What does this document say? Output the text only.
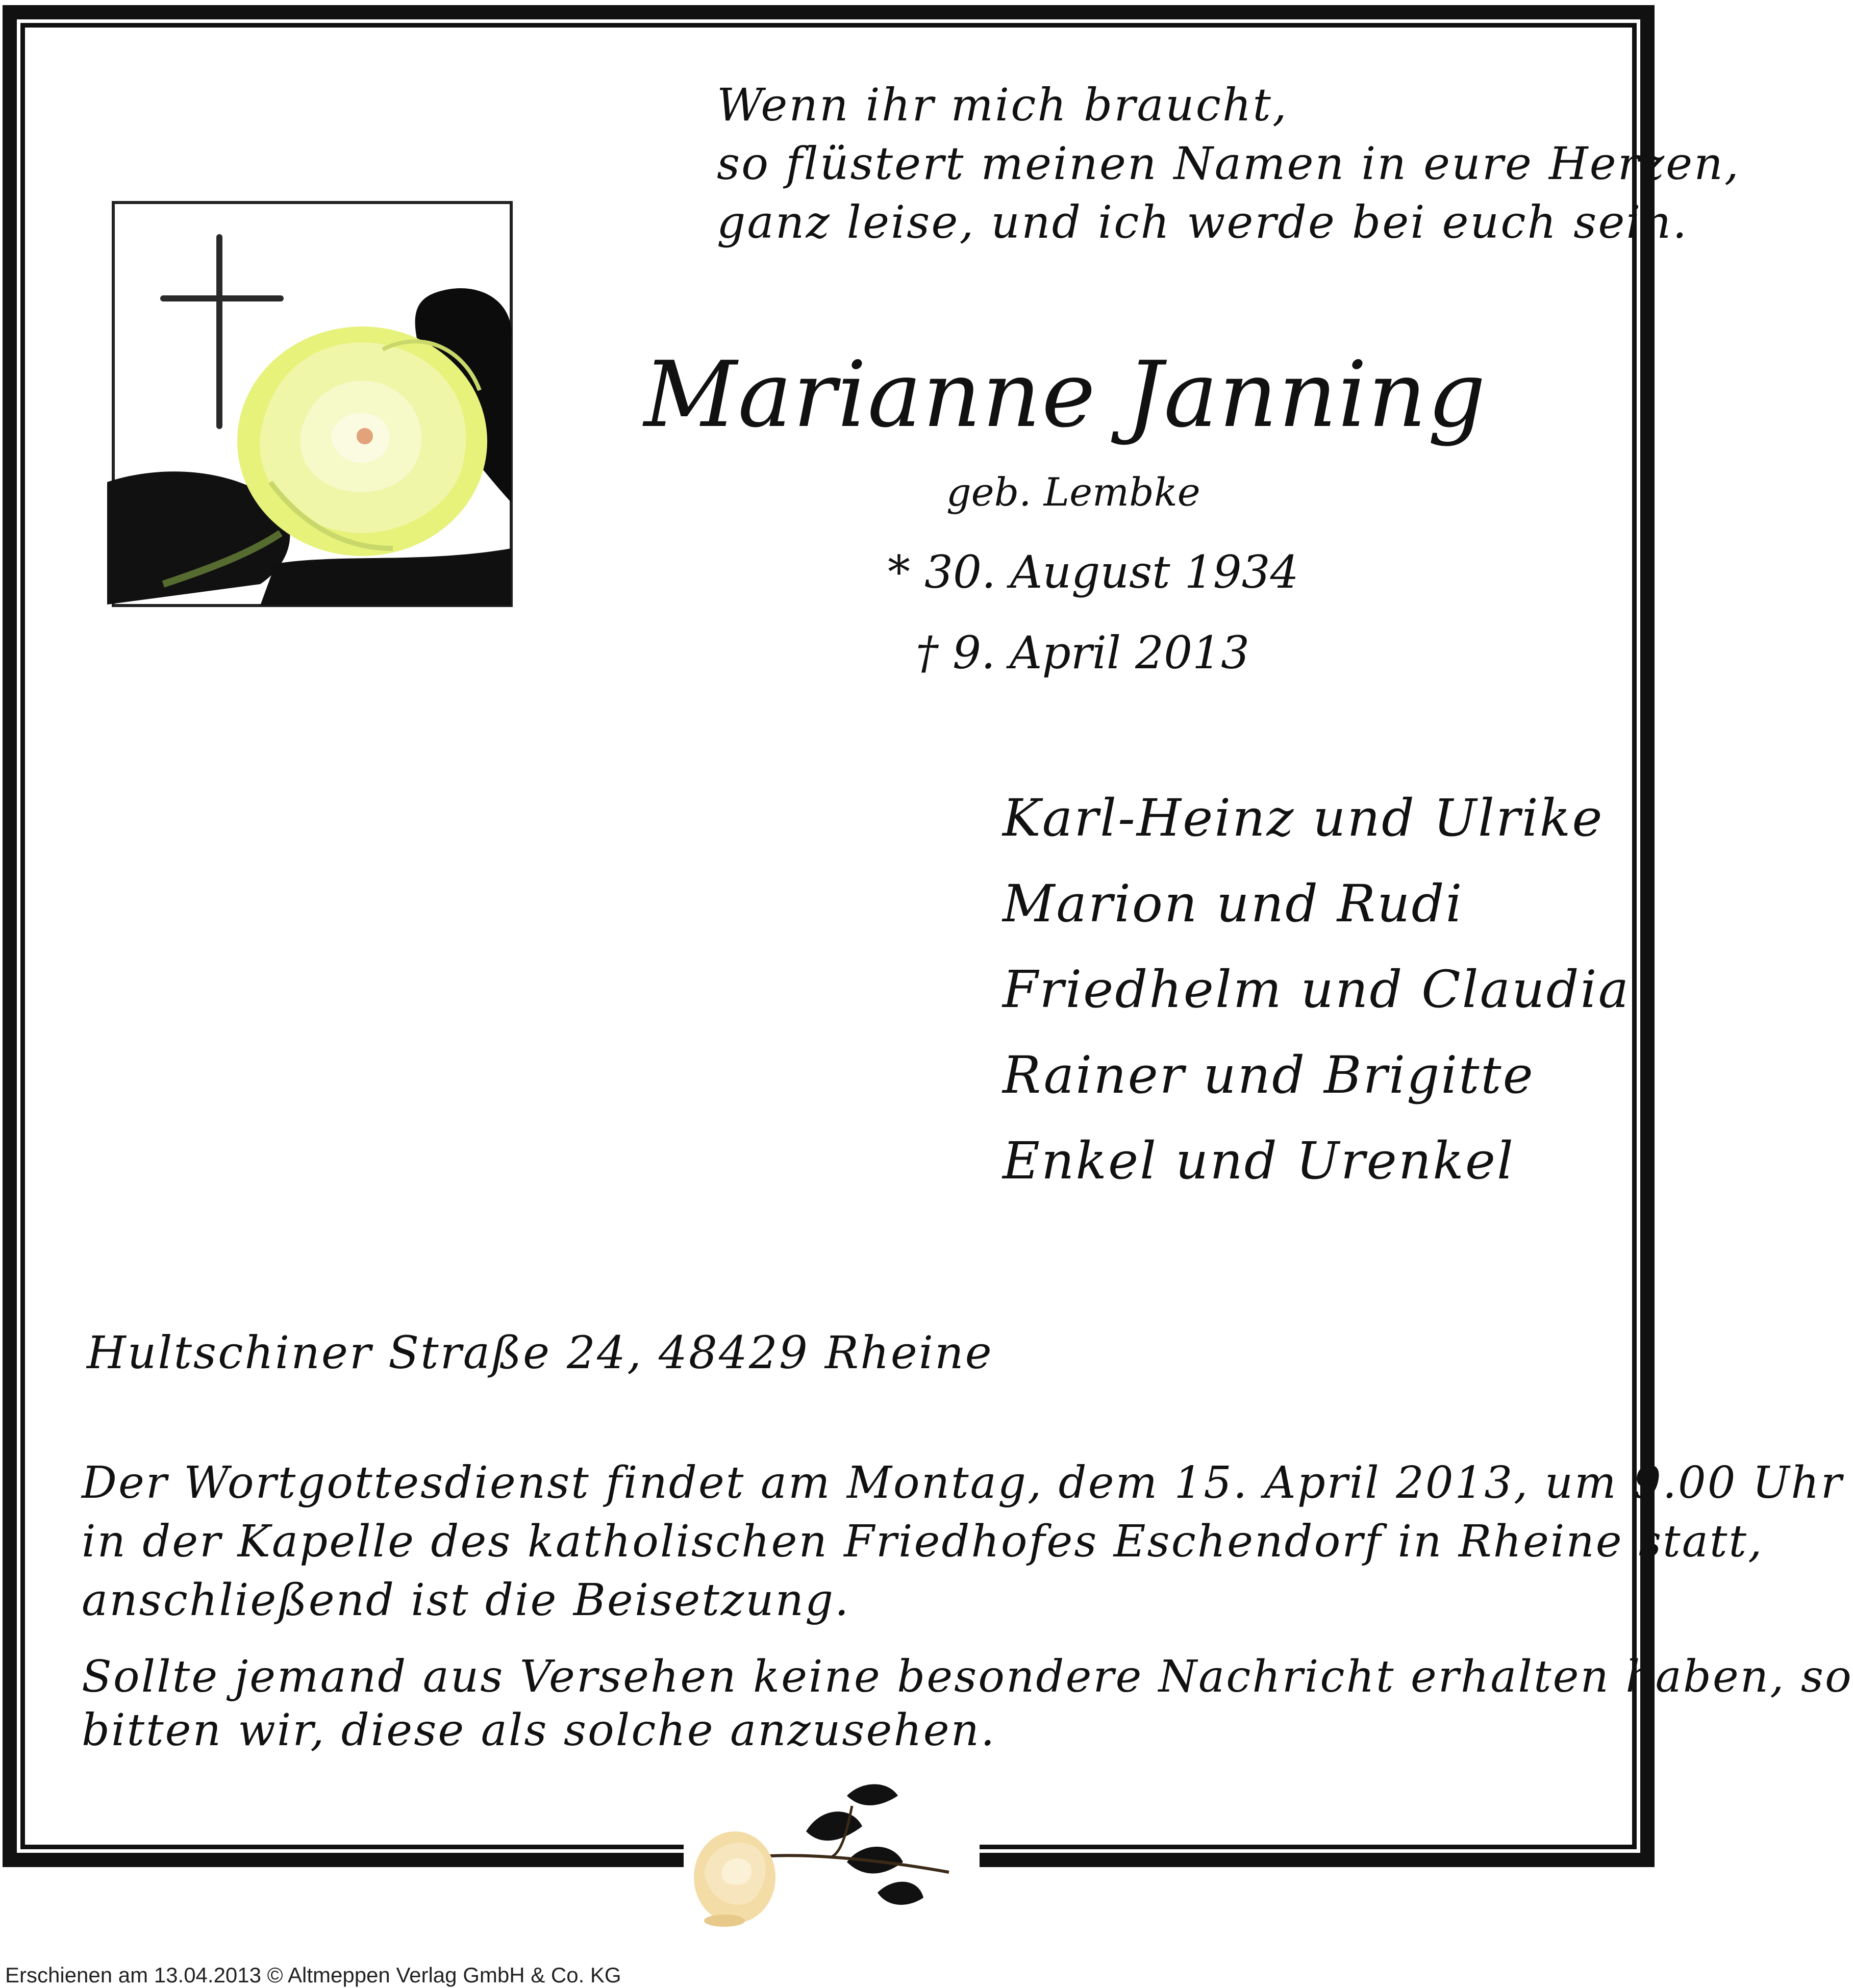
Wenn ihr mich braucht,
so flüstert meinen Namen in eure Herzen,
ganz leise, und ich werde bei euch sein.
Marianne Janning
geb. Lembke
* 30. August 1934
† 9. April 2013
Karl-Heinz und Ulrike
Marion und Rudi
Friedhelm und Claudia
Rainer und Brigitte
Enkel und Urenkel
Hultschiner Straße 24, 48429 Rheine
Der Wortgottesdienst findet am Montag, dem 15. April 2013, um 9.00 Uhr
in der Kapelle des katholischen Friedhofes Eschendorf in Rheine statt,
anschließend ist die Beisetzung.
Sollte jemand aus Versehen keine besondere Nachricht erhalten haben, so
bitten wir, diese als solche anzusehen.
Erschienen am 13.04.2013 © Altmeppen Verlag GmbH & Co. KG
